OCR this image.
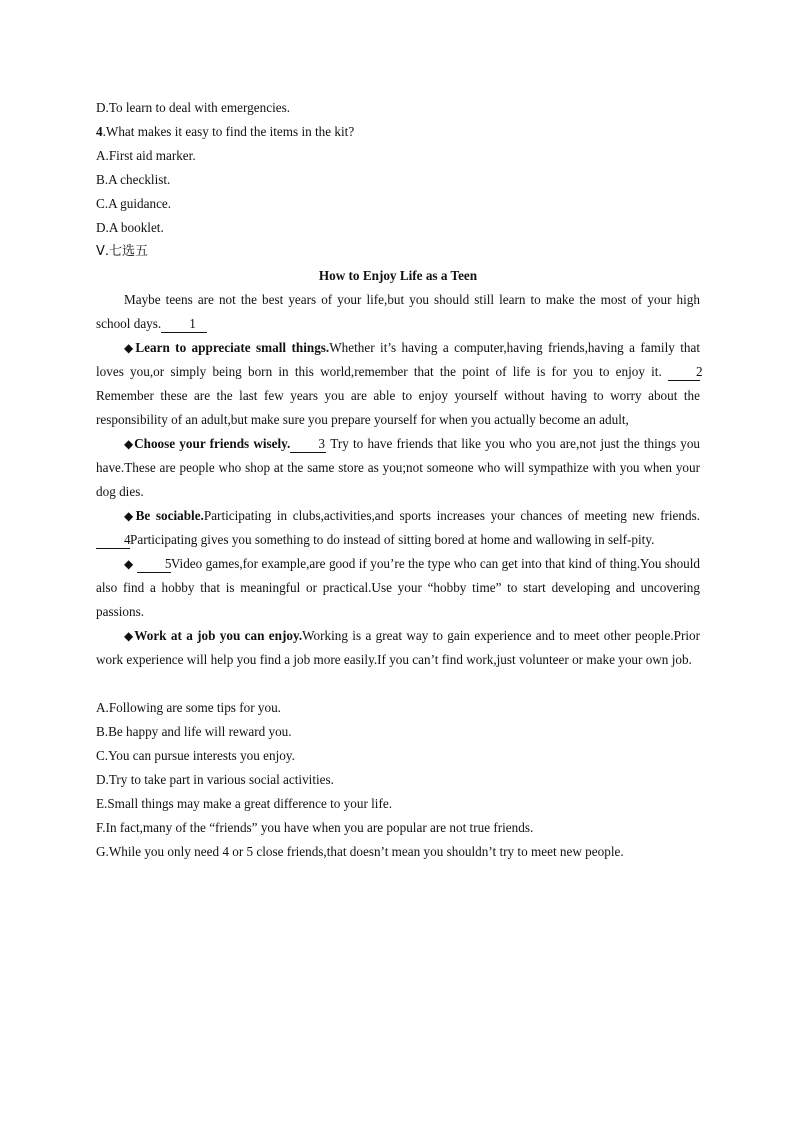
D.To learn to deal with emergencies.
4.What makes it easy to find the items in the kit?
A.First aid marker.
B.A checklist.
C.A guidance.
D.A booklet.
Ⅴ.七选五
How to Enjoy Life as a Teen
Maybe teens are not the best years of your life,but you should still learn to make the most of your high school days. 1
◆Learn to appreciate small things.Whether it’s having a computer,having friends,having a family that loves you,or simply being born in this world,remember that the point of life is for you to enjoy it.	2 Remember these are the last few years you are able to enjoy yourself without having to worry about the responsibility of an adult,but make sure you prepare yourself for when you actually become an adult,
◆Choose your friends wisely. 3 Try to have friends that like you who you are,not just the things you have.These are people who shop at the same store as you;not someone who will sympathize with you when your dog dies.
◆Be sociable.Participating in clubs,activities,and sports increases your chances of meeting new friends.4Participating gives you something to do instead of sitting bored at home and wallowing in self-pity.
◆ 5Video games,for example,are good if you’re the type who can get into that kind of thing.You should also find a hobby that is meaningful or practical.Use your “hobby time” to start developing and uncovering passions.
◆Work at a job you can enjoy.Working is a great way to gain experience and to meet other people.Prior work experience will help you find a job more easily.If you can’t find work,just volunteer or make your own job.
A.Following are some tips for you.
B.Be happy and life will reward you.
C.You can pursue interests you enjoy.
D.Try to take part in various social activities.
E.Small things may make a great difference to your life.
F.In fact,many of the “friends” you have when you are popular are not true friends.
G.While you only need 4 or 5 close friends,that doesn’t mean you shouldn’t try to meet new people.
